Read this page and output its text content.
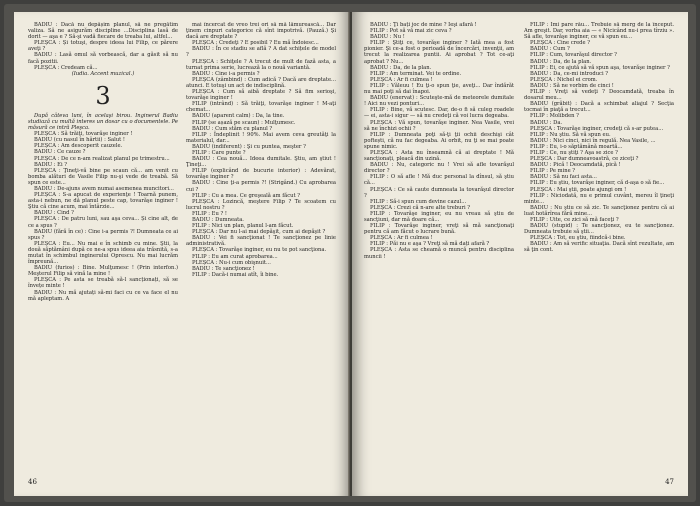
BADIU : Dacă nu depășim planul, să ne pregătim valiza. Să ne asigurăm discipline ...Disciplina lasă de dorit — aşa e ? Să-şi vadă fiecare de treaba lui, altfel...

PLEȘCA : Și totuşi, despre ideea lui Filip, ce părere aveţi ?

BADIU : Lasă omul să vorbească, dar a găsit să nu facă pozitii.

PLEȘCA : Credeam că...

(Iudia. Accent muzical.)

3

După câteva luni, în acelaşi birou. Inginerul Badiu studiază cu multă interes un dosar cu o documentele. Pe măsură ce intră Pleşca.

PLEȘCA : Să trăiţi, tovarăşe inginer !

BADIU (cu nasul în hârtii) : Salut !

PLEȘCA : Am descoperit cauzele.

BADIU : Ce cauze ?

PLEȘCA : De ce n-am realizat planul pe trimestru...

BADIU : Ei ?

PLEȘCA : Ţineţi-vă bine pe scaun că... am venit cu bomba alături de Vasile Filip nu-şi vede de treabă. Să spun ce este...

BADIU : De-ajuns avem numai asemenea muncitori...

PLEȘCA : S-a apucat de experienţe ! Toarnă punem, asta-i nebun, ne dă planul peste cap, tovarăşe inginer ! Ştiu că cine acum, mai întârzie...

BADIU : Cind ?

PLEȘCA : De patru luni, sau aşa ceva... Și cine alt, de ce a spus ?

BADIU (fără în ce) : Cine i-a permis ?! Dumneata ce ai spus ?

PLEȘCA : Eu... Nu mai e în schimb cu mine. Ştii, la două săptămâni după ce ne-a spus ideea aia trăsnită, s-a mutat în schimbul inginerului Oprescu. Nu mai lucrăm împreună...

BADIU (furios) : Bine. Mulţumesc ! (Prin interfon.) Meşterul Filip să vină la mine !

PLEȘCA : Pe asta se treabă să-l sancționați, să se învețe minte !

BADIU : Nu mă ajutați să-mi faci cu ce va face el nu mă apleptam. A

mai încercat de vreo trei ori să mă lămurească... Dar ţinem cinpuri categorice că sînt impotrivă. (Pauză.) Şi dacă are dreptate ?

PLEȘCA : Credeţi ? E posibil ? Eu mă îndoiesc...

BADIU : În ce stadiu se află ? A dat schițele de model ?

PLEȘCA : Schiţele ? A trecut de mult de fază asta, a turnat prima serie, lucrează la o nouă variantă.

BADIU : Cine i-a permis ?

PLEȘCA (zâmbind) : Cum adică ? Dacă are dreptate... atunci. E totuşi un act de indisciplină.

PLEȘCA : Cum să aibă dreptate ? Să fim serioşi, tovarăşe inginer !

FILIP (intrând) : Să trăiţi, tovarăşe inginer ! M-aţi chemat...

BADIU (aparent calm) : Da, la tine.

FILIP (se așază pe scaun) : Mulţumesc.

BADIU : Cum stăm cu planul ?

FILIP : Îndeplinit ! 90%. Mai avem ceva greutăţi la materialul, dar...

BADIU (indiferent) : Şi cu puntea, meşter ?

FILIP : Care punte ?

BADIU : Cea nouă... Ideea dumitale. Ştiu, am ştiut ! Ţineţi...

FILIP (explicând de bucurie interior) : Adevărat, tovarăşe inginer ?

BADIU : Cine ţi-a permis ?! (Strigând.) Cu aprobarea cui ?

FILIP : Cu a mea. Ce greşeală am făcut ?

PLEȘCA : Lozincă, meştere Filip ? Te scoatem cu lucrul nostru ?

FILIP : Eu ? !

BADIU : Dumneata.

FILIP : Nici un plan, planul l-am făcut.

PLEȘCA : Dar nu l-ai mai depăşit, cum ai depăşit ?

BADIU : Vei fi sancţionat ! Te sancţionez pe linie administrativă.

PLEȘCA : Tovarăşe inginer, eu nu te pot sancţiona.

FILIP : Eu am curat aprobarea...

PLEȘCA : Nu-i cum obişnuit...

BADIU : Te sancţionez !

FILIP : Dacă-i numai atît, îi bine.

46

BADIU : Ţi bați joc de mine ? Ieşi afară !

FILIP : Pot să vă mai zic ceva ?

BADIU : Nu !

FILIP : Ştiţi ce, tovarăşe inginer ? Iată mea a fost pionier. Şi ce-a fost o perioadă de încercări, invenţii, am trecut la realizarea puntii. Ai aprobat ? Tot ce-aţi aprobat ? Nu...

BADIU : Da, de la plan.

FILIP : Am terminat. Vei te ordine.

PLEȘCA : Ar fi culmea !

FILIP : Văleuu ! Eu ţi-o spun ţie, aveţi... Dar îndărăt nu mai poţi să dai înapoi.

BADIU (enervat) : Scuteşte-mă de meteorele dumitale ! Aici nu vezi ponturi...

FILIP : Bine, vă scutesc. Dar, de-o fi să culeg roadele — ei, asta-i sigur — să nu credeţi că voi lucra degeaba.

PLEȘCA : Vă spun, tovarăşe inginer. Nea Vasile, vrei să ne închizi ochii ?

FILIP : Dumneata poţi să-ţi ţii ochii deschişi cât poftești, că nu fac degeaba. Ai orbit, nu ţi se mai poate spune nimic.

PLEȘCA : Asta nu înseamnă că ai dreptate ! Mă sancționați, pleacă din uzină.

BADIU : Nu, categoric nu ! Vrei să afle tovarăşul director ?

FILIP : O să afle ! Mă duc personal la dînsul, să ştiu că...

PLEȘCA : Ce să caute dumneata la tovarăşul director ?

FILIP : Să-i spun cum devine cazul...

PLEȘCA : Crezi că n-are alte treburi ?

FILIP : Tovarăşe inginer, eu nu vreau să ştiu de sancţiuni, dar mă doare că...

FILIP : Tovarăşe inginer, vreţi să mă sancţionaţi pentru că am făcut o lucrare bună.

PLEȘCA : Ar fi culmea !

FILIP : Păi nu e aşa ? Vreţi să mă dați afară ?

PLEȘCA : Asta se cheamă o muncă pentru disciplina muncii !

FILIP : Îmi pare rău... Trebuie să merg de la început. Am greşit. Dar, vorba aia — « Nicicând nu-i prea tîrziu ». Să afle, tovarăşe inginer, ce vă spun eu...

PLEȘCA : Cine crede ?

BADIU : Cum ?

FILIP : Cum, tovarăşul director ?

BADIU : Da, de la plan.

FILIP : Ei, ce ajută să vă spun aşa, tovarăşe inginer ?

BADIU : Da, ce-mi introduci ?

PLEȘCA : Nichel ei crom.

BADIU : Să ne vorbim de cinci !

FILIP : Vreţi să vedeţi ? Deocamdată, treaba în dosarul meu...

BADIU (grăbit) : Dacă a schimbat aliajul ? Secţia tocmai în piaţă a trecut...

FILIP : Molibden ?

BADIU : Da.

PLEȘCA : Tovarăşe inginer, credeţi că s-ar putea...

FILIP : Nu ştiu. Să vă spun eu.

BADIU : Nici cinci, nici în regulă. Nea Vasile, ...

FILIP : Eu, i-o săptămână moartă...

FILIP : Ce, nu ştiţi ? Aşa se zice ?

PLEȘCA : Dar dumneavoastră, ce ziceţi ?

BADIU : Pică ! Deocamdată, pică !

FILIP : Pe mine ?

BADIU : Să nu faci asta...

FILIP : Eu ştiu, tovarăşe inginer, că d-aşa o să fie...

PLEȘCA : Mai ştii, poate ajungi om !

FILIP : Niciodată, nu e primul cuvânt, mereu îl ţineţi minte...

BADIU : Nu ştiu ce să zic. Te sancţionez pentru că ai luat hotărîrea fără mine...

FILIP : Uite, ce zici să mă faceţi ?

BADIU (stupid) : Te sancţionez, eu te sancţionez. Dumneata trebuie să ştii...

PLEȘCA : Tot, eu ştiu, fiindcă-i bine.

BADIU : Am să verific situaţia. Dacă sînt rezultate, am să ţin cont.

47
